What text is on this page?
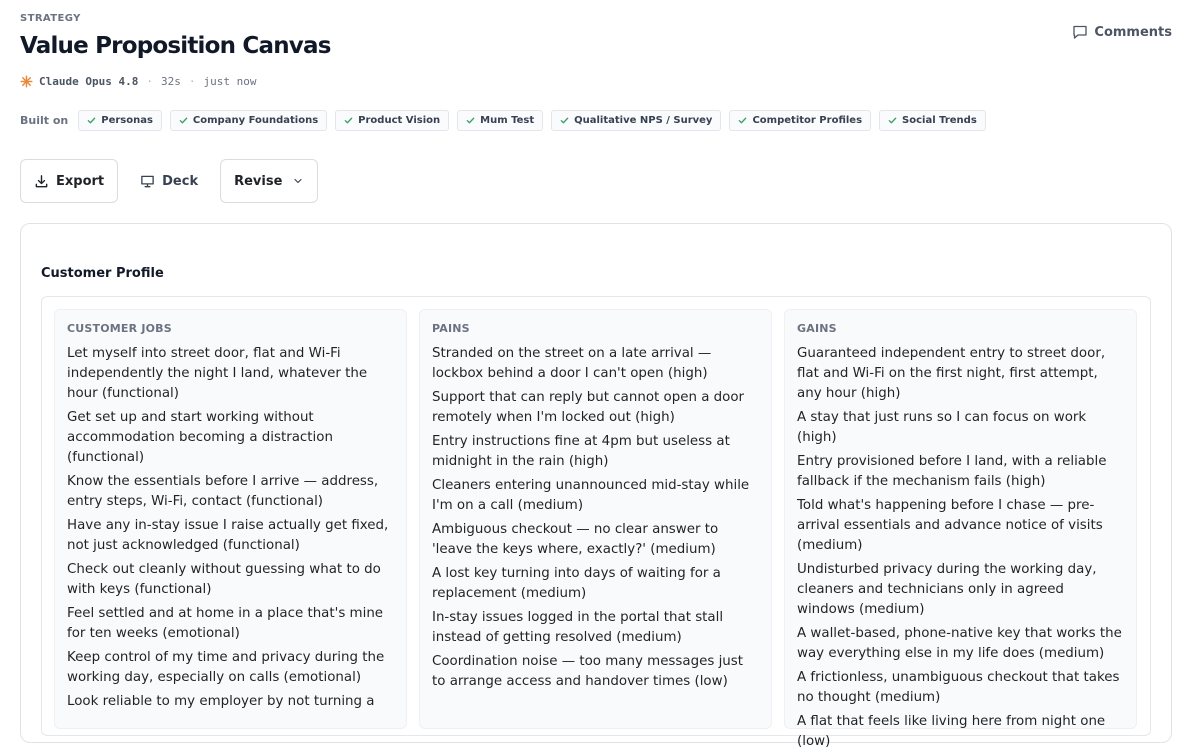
STRATEGY
Value Proposition Canvas
Claude Opus 4.8 · 32s · just now
Comments
Built on	Personas	Company Foundations	Product Vision	Mum Test	Qualitative NPS / Survey	Competitor Profiles	Social Trends
Export	Deck	Revise
Customer Profile
CUSTOMER JOBS
Let myself into street door, flat and Wi-Fi independently the night I land, whatever the hour (functional)
Get set up and start working without accommodation becoming a distraction (functional)
Know the essentials before I arrive — address, entry steps, Wi-Fi, contact (functional)
Have any in-stay issue I raise actually get fixed, not just acknowledged (functional)
Check out cleanly without guessing what to do with keys (functional)
Feel settled and at home in a place that's mine for ten weeks (emotional)
Keep control of my time and privacy during the working day, especially on calls (emotional)
Look reliable to my employer by not turning a
PAINS
Stranded on the street on a late arrival — lockbox behind a door I can't open (high)
Support that can reply but cannot open a door remotely when I'm locked out (high)
Entry instructions fine at 4pm but useless at midnight in the rain (high)
Cleaners entering unannounced mid-stay while I'm on a call (medium)
Ambiguous checkout — no clear answer to 'leave the keys where, exactly?' (medium)
A lost key turning into days of waiting for a replacement (medium)
In-stay issues logged in the portal that stall instead of getting resolved (medium)
Coordination noise — too many messages just to arrange access and handover times (low)
GAINS
Guaranteed independent entry to street door, flat and Wi-Fi on the first night, first attempt, any hour (high)
A stay that just runs so I can focus on work (high)
Entry provisioned before I land, with a reliable fallback if the mechanism fails (high)
Told what's happening before I chase — pre-arrival essentials and advance notice of visits (medium)
Undisturbed privacy during the working day, cleaners and technicians only in agreed windows (medium)
A wallet-based, phone-native key that works the way everything else in my life does (medium)
A frictionless, unambiguous checkout that takes no thought (medium)
A flat that feels like living here from night one (low)
